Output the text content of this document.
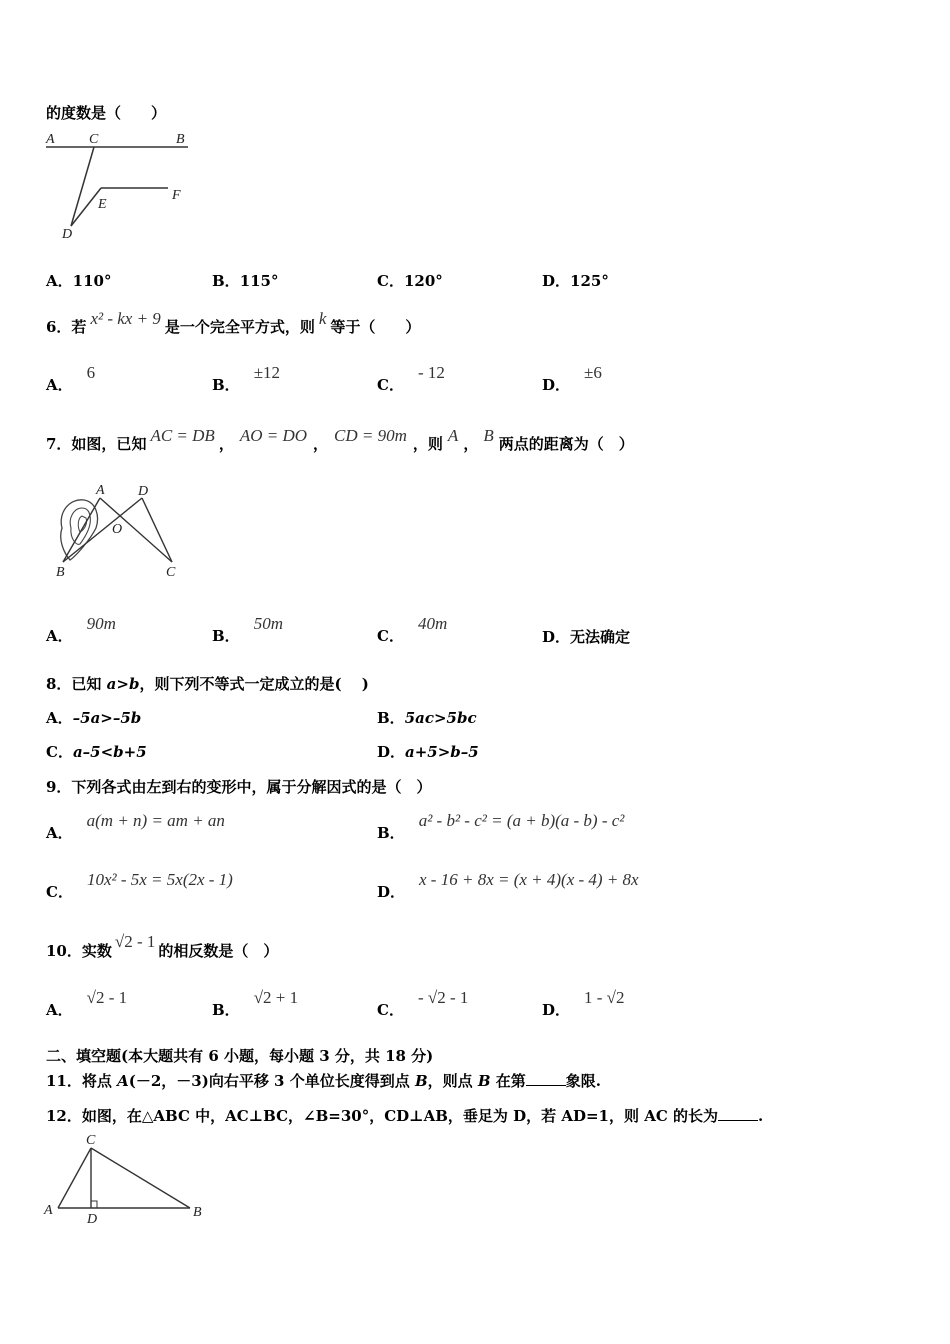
的度数是（　　）
A C	B
E
F
D
A．110°	B．115°	C．120°	D．125°
6．若 x² - kx + 9 是一个完全平方式，则 k 等于（　　）
A．6
B．±12
C．- 12
D．±6
7．如图，已知 AC = DB ， AO = DO ， CD = 90m ，则 A ， B 两点的距离为（　）
A D
O
B	C
A．90m
B．50m
C．40m
D．无法确定
8．已知 a>b，则下列不等式一定成立的是(　 )
A．–5a>–5b	B．5ac>5bc
C．a–5<b+5	D．a+5>b–5
9．下列各式由左到右的变形中，属于分解因式的是（　）
A．a(m + n) = am + an
B．a² - b² - c² = (a + b)(a - b) - c²
C．10x² - 5x = 5x(2x - 1)
D．x - 16 + 8x = (x + 4)(x - 4) + 8x
10．实数 √2 - 1 的相反数是（　）
A．√2 - 1
B．√2 + 1
C．- √2 - 1
D．1 - √2
二、填空题(本大题共有 6 小题，每小题 3 分，共 18 分)
11．将点 A(－2，－3)向右平移 3 个单位长度得到点 B，则点 B 在第	象限.
12．如图，在△ABC 中，AC⊥BC，∠B=30°，CD⊥AB，垂足为 D，若 AD=1，则 AC 的长为	.
C
A
D	B
